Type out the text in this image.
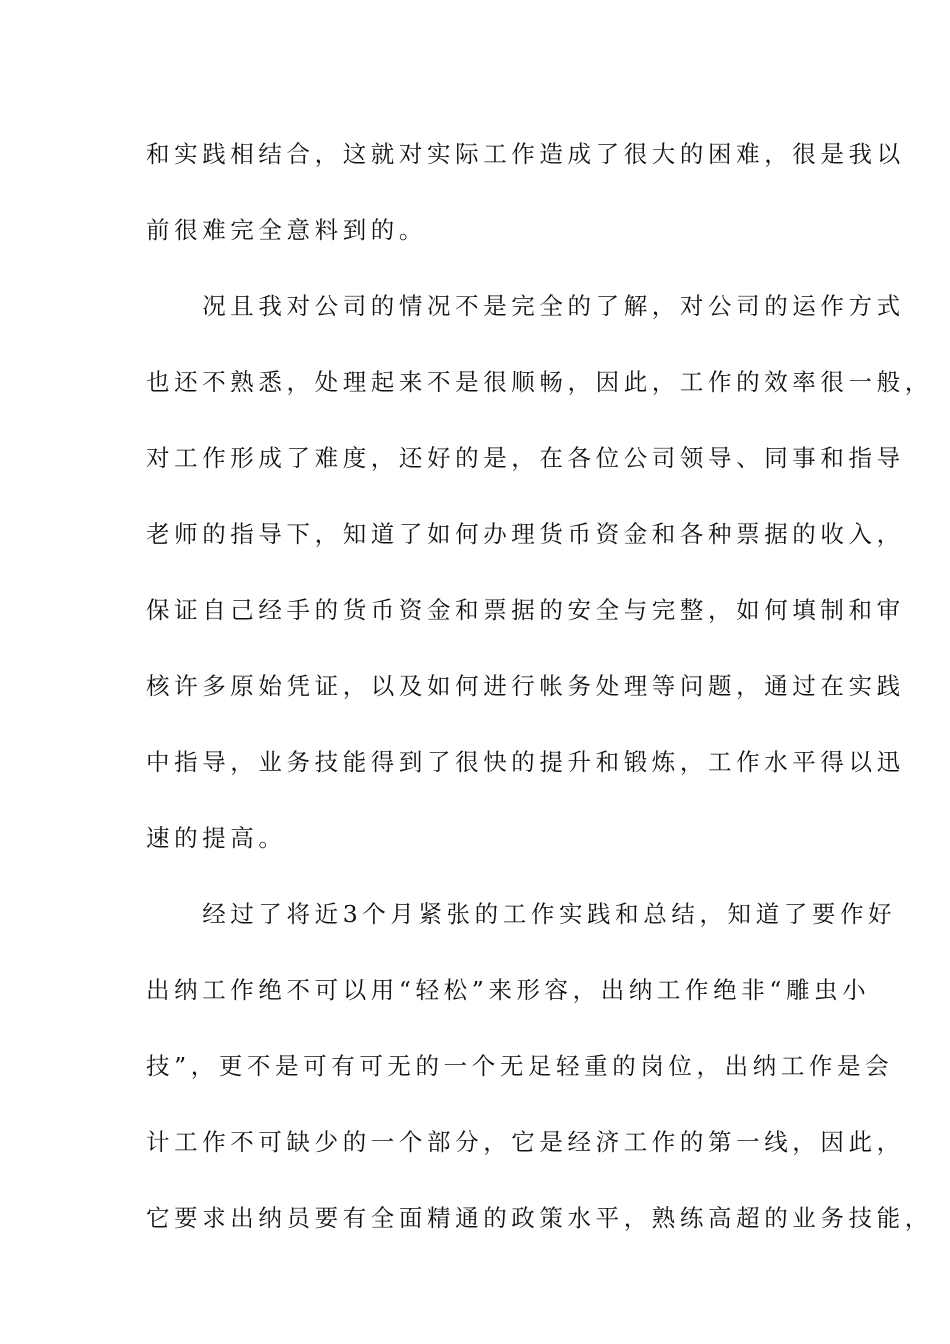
和实践相结合，这就对实际工作造成了很大的困难，很是我以
前很难完全意料到的。
　　况且我对公司的情况不是完全的了解，对公司的运作方式
也还不熟悉，处理起来不是很顺畅，因此，工作的效率很一般，
对工作形成了难度，还好的是，在各位公司领导、同事和指导
老师的指导下，知道了如何办理货币资金和各种票据的收入，
保证自己经手的货币资金和票据的安全与完整，如何填制和审
核许多原始凭证，以及如何进行帐务处理等问题，通过在实践
中指导，业务技能得到了很快的提升和锻炼，工作水平得以迅
速的提高。
　　经过了将近3个月紧张的工作实践和总结，知道了要作好
出纳工作绝不可以用“轻松”来形容，出纳工作绝非“雕虫小
技”，更不是可有可无的一个无足轻重的岗位，出纳工作是会
计工作不可缺少的一个部分，它是经济工作的第一线，因此，
它要求出纳员要有全面精通的政策水平，熟练高超的业务技能，
